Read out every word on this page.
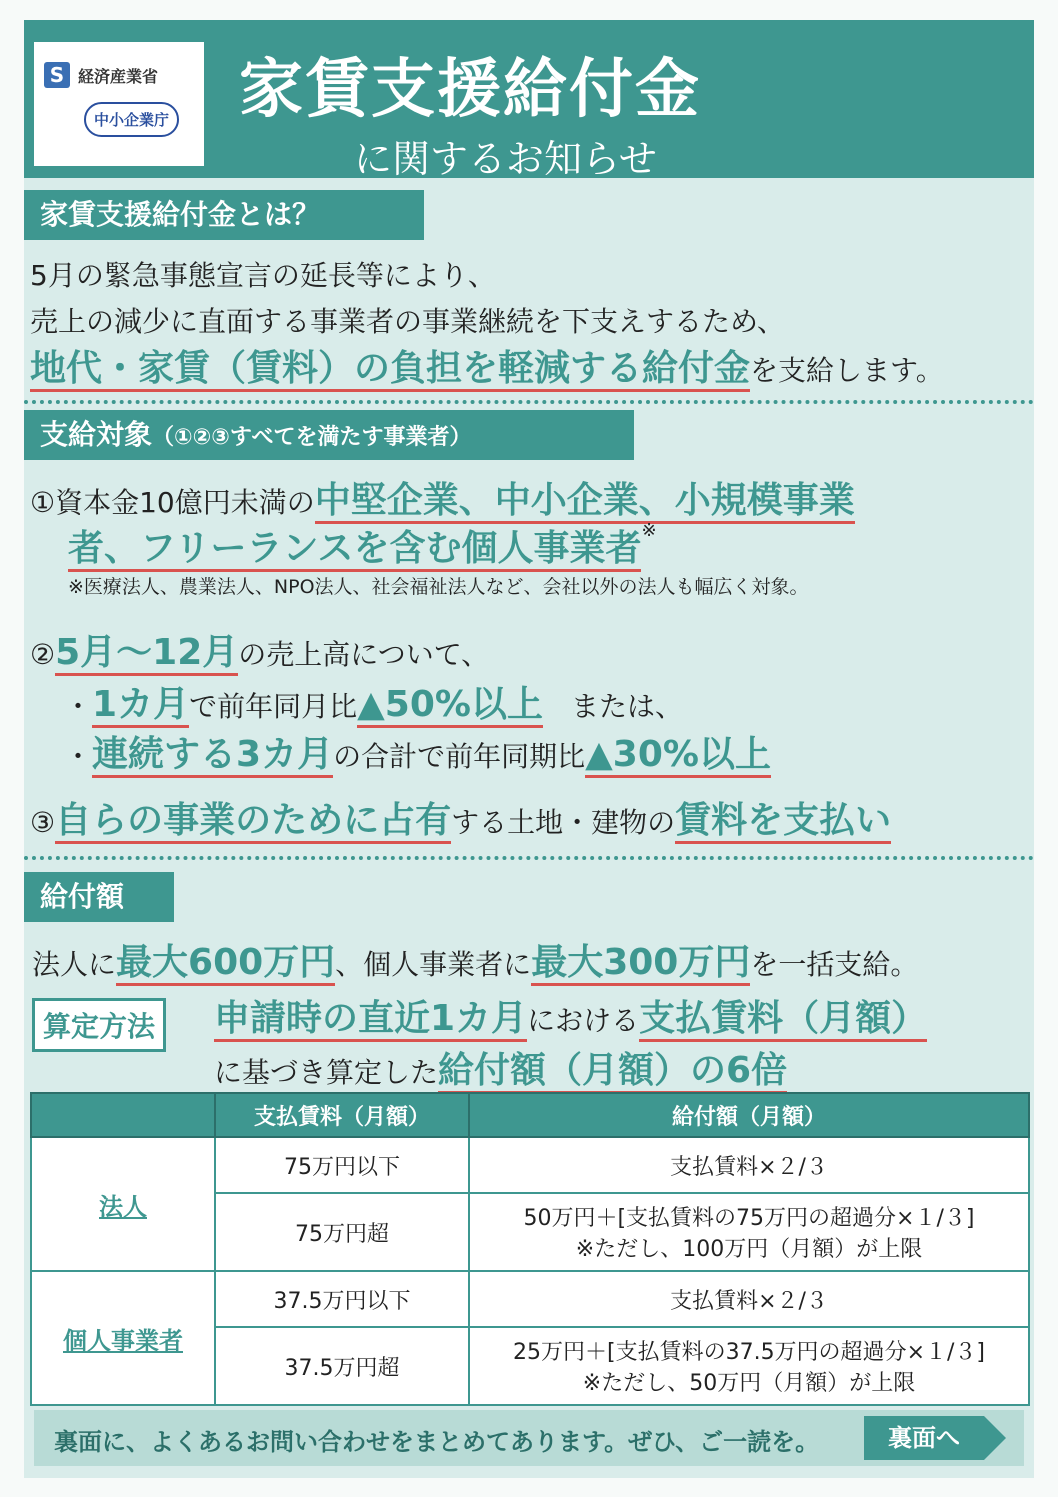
S 経済産業省
中小企業庁 家賃支援給付金
に関するお知らせ
家賃支援給付金とは？
5月の緊急事態宣言の延長等により、
売上の減少に直面する事業者の事業継続を下支えするため、
地代・家賃（賃料）の負担を軽減する給付金を支給します。
支給対象（①②③すべてを満たす事業者）
①資本金10億円未満の中堅企業、中小企業、小規模事業
者、フリーランスを含む個人事業者※
※医療法人、農業法人、NPO法人、社会福祉法人など、会社以外の法人も幅広く対象。
②5月～12月の売上高について、
・1カ月で前年同月比▲50%以上　または、
・連続する3カ月の合計で前年同期比▲30%以上
③自らの事業のために占有する土地・建物の賃料を支払い
給付額
法人に最大600万円、個人事業者に最大300万円を一括支給。
算定方法	申請時の直近1カ月における支払賃料（月額）
に基づき算定した給付額（月額）の6倍
	支払賃料（月額）	給付額（月額）
法人	75万円以下	支払賃料×２/３
	75万円超	50万円＋[支払賃料の75万円の超過分×１/３]
※ただし、100万円（月額）が上限

個人事業者	37.5万円以下	支払賃料×２/３
	37.5万円超	25万円＋[支払賃料の37.5万円の超過分×１/３]
※ただし、50万円（月額）が上限
裏面に、よくあるお問い合わせをまとめてあります。ぜひ、ご一読を。	裏面へ
